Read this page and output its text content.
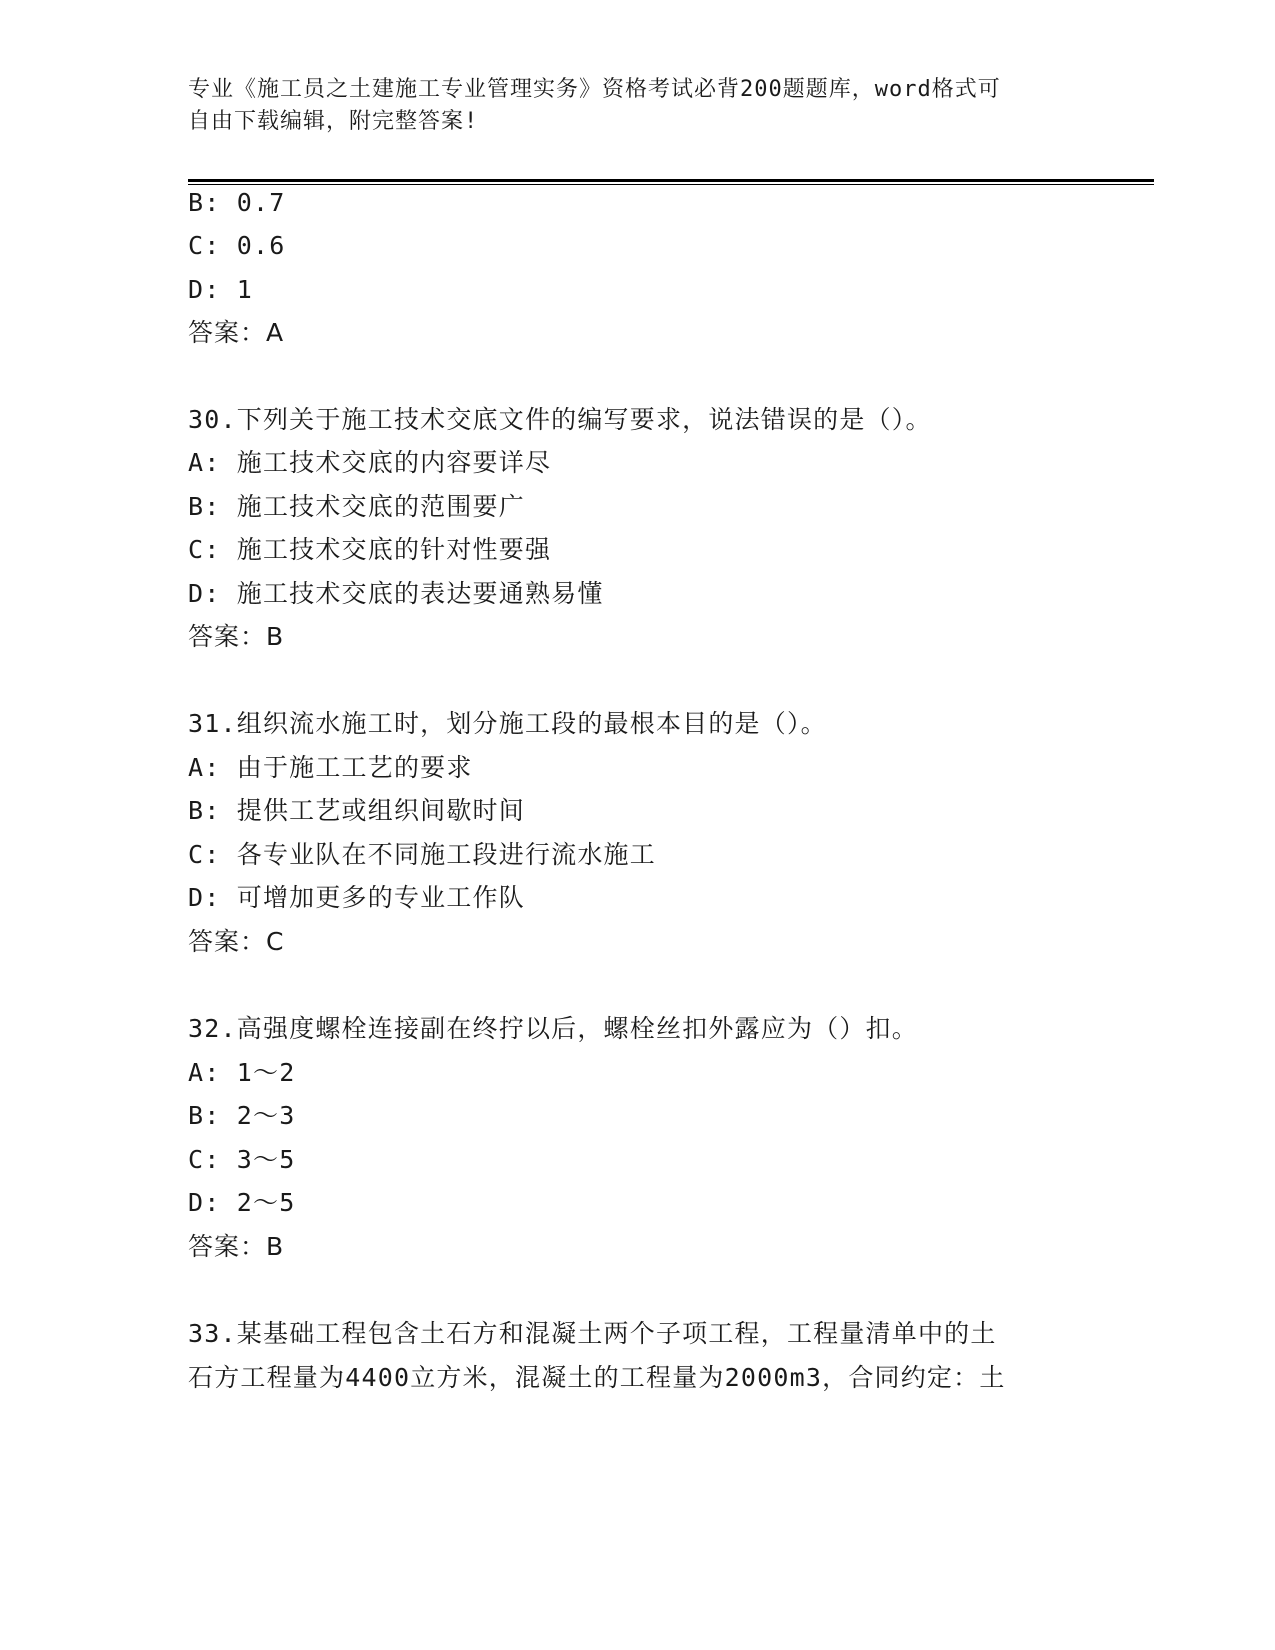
专业《施工员之土建施工专业管理实务》资格考试必背200题题库，word格式可
自由下载编辑，附完整答案!
B: 0.7
C: 0.6
D: 1
答案：A
30.下列关于施工技术交底文件的编写要求，说法错误的是（）。
A: 施工技术交底的内容要详尽
B: 施工技术交底的范围要广
C: 施工技术交底的针对性要强
D: 施工技术交底的表达要通熟易懂
答案：B
31.组织流水施工时，划分施工段的最根本目的是（）。
A: 由于施工工艺的要求
B: 提供工艺或组织间歇时间
C: 各专业队在不同施工段进行流水施工
D: 可增加更多的专业工作队
答案：C
32.高强度螺栓连接副在终拧以后，螺栓丝扣外露应为（）扣。
A: 1～2
B: 2～3
C: 3～5
D: 2～5
答案：B
33.某基础工程包含土石方和混凝土两个子项工程，工程量清单中的土
石方工程量为4400立方米，混凝土的工程量为2000m3，合同约定：土
